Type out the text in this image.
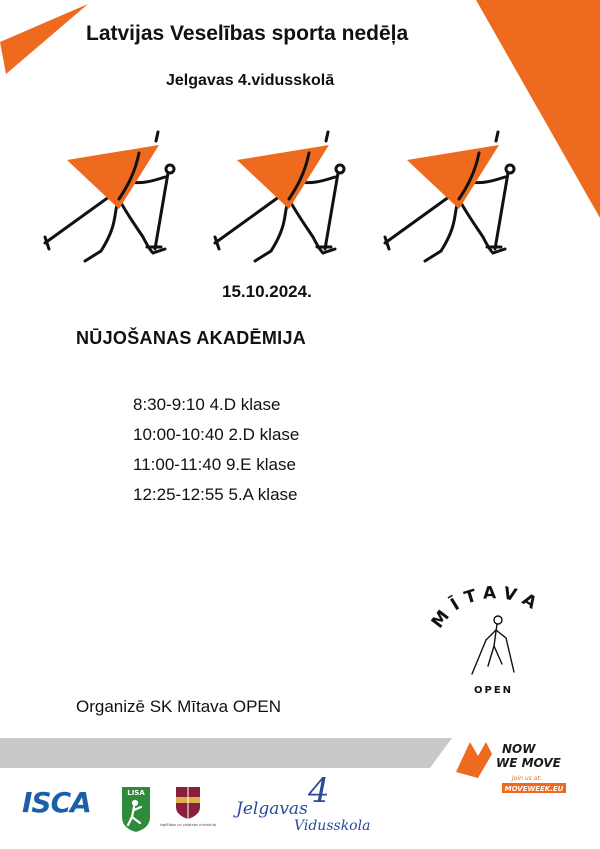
Latvijas Veselības sporta nedēļa
Jelgavas 4.vidusskolā
15.10.2024.
NŪJOŠANAS AKADĒMIJA
8:30-9:10 4.D klase
10:00-10:40 2.D klase
11:00-11:40 9.E klase
12:25-12:55 5.A klase
MĪTAVA
OPEN
Organizē SK Mītava OPEN
ISCA	LISA
Izglītības un zinātnes ministrija
4
Jelgavas
Vidusskola
NOW
WE MOVE
Join us at:
MOVEWEEK.EU
